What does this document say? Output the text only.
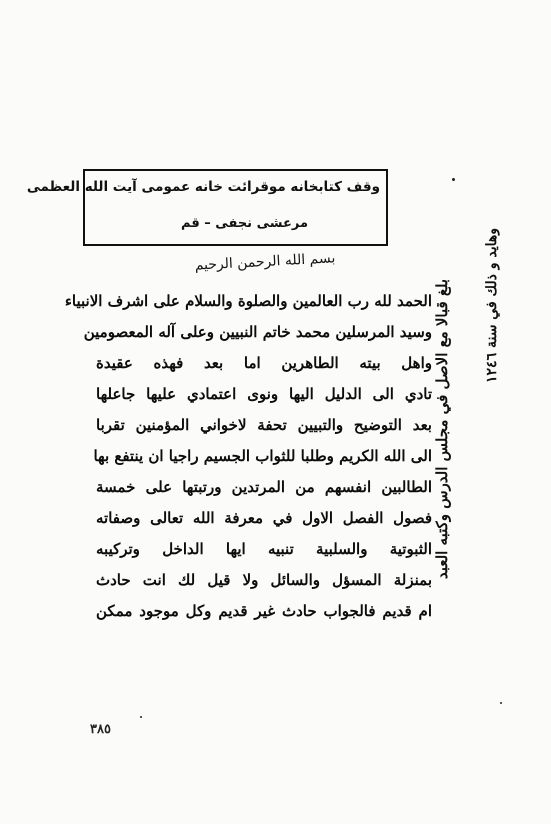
وقف كتابخانه موقرائت خانه عمومی آیت الله العظمی
مرعشی نجفی – قم
بسم الله الرحمن الرحيم
الحمد لله رب العالمين والصلوة والسلام على اشرف الانبياء
وسيد المرسلين محمد خاتم النبيين وعلى آله المعصومين
واهل بيته الطاهرين اما بعد فهذه عقيدة
تادي الى الدليل اليها ونوى اعتمادي عليها جاعلها
بعد التوضيح والتبيين تحفة لاخواني المؤمنين تقربا
الى الله الكريم وطلبا للثواب الجسيم راجيا ان ينتفع بها
الطالبين انفسهم من المرتدين ورتبتها على خمسة
فصول الفصل الاول في معرفة الله تعالى وصفاته
الثبوتية والسلبية تنبيه ايها الداخل وتركيبه
بمنزلة المسؤل والسائل ولا قيل لك انت حادث
ام قديم فالجواب حادث غير قديم وكل موجود ممكن
بلغ قبالا مع الاصل في مجلس الدرس وكتبه العبد وهايد و ذلك في سنة ١٢٤٦
٣٨٥
